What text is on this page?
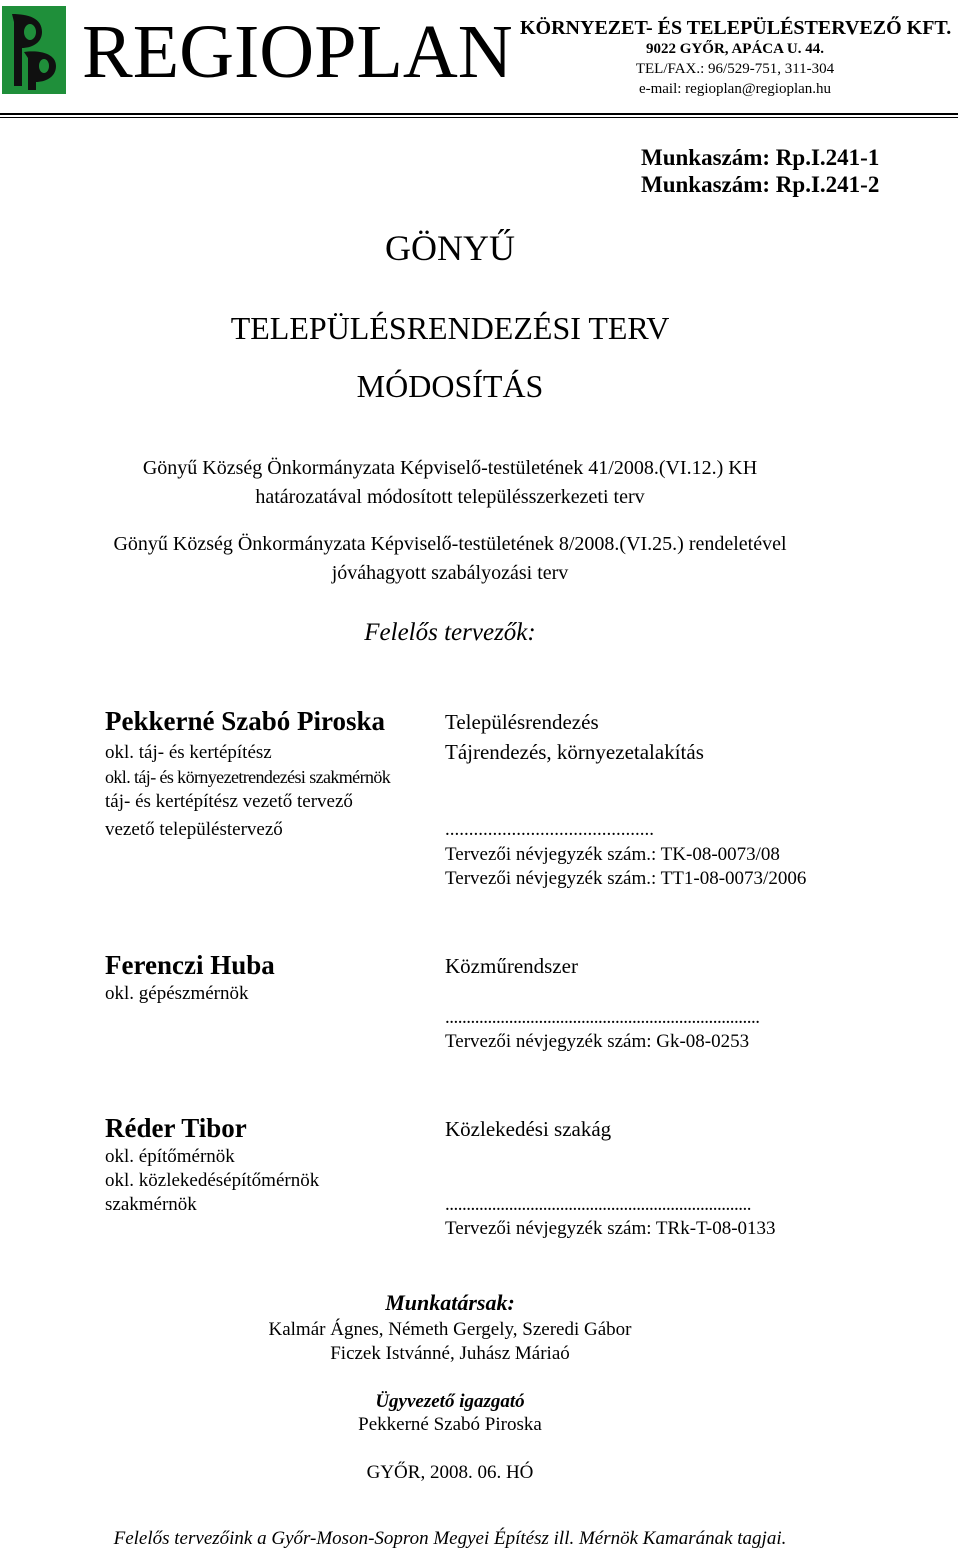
REGIOPLAN KÖRNYEZET- ÉS TELEPÜLÉSTERVEZŐ KFT.
9022 GYŐR, APÁCA U. 44.
TEL/FAX.: 96/529-751, 311-304
e-mail: regioplan@regioplan.hu
Munkaszám: Rp.I.241-1
Munkaszám: Rp.I.241-2
GÖNYŰ
TELEPÜLÉSRENDEZÉSI TERV
MÓDOSÍTÁS
Gönyű Község Önkormányzata Képviselő-testületének 41/2008.(VI.12.) KH
határozatával módosított településszerkezeti terv
Gönyű Község Önkormányzata Képviselő-testületének 8/2008.(VI.25.) rendeletével
jóváhagyott szabályozási terv
Felelős tervezők:
Pekkerné Szabó Piroska	Településrendezés
okl. táj- és kertépítész	Tájrendezés, környezetalakítás
okl. táj- és környezetrendezési szakmérnök
táj- és kertépítész vezető tervező
vezető településtervező	............................................
Tervezői névjegyzék szám.: TK-08-0073/08
Tervezői névjegyzék szám.: TT1-08-0073/2006
Ferenczi Huba	Közműrendszer
okl. gépészmérnök
..........................................................................
Tervezői névjegyzék szám: Gk-08-0253
Réder Tibor	Közlekedési szakág
okl. építőmérnök
okl. közlekedésépítőmérnök
szakmérnök	........................................................................
Tervezői névjegyzék szám: TRk-T-08-0133
Munkatársak:
Kalmár Ágnes, Németh Gergely, Szeredi Gábor
Ficzek Istvánné, Juhász Máriaó
Ügyvezető igazgató
Pekkerné Szabó Piroska
GYŐR, 2008. 06. HÓ
Felelős tervezőink a Győr-Moson-Sopron Megyei Építész ill. Mérnök Kamarának tagjai.
